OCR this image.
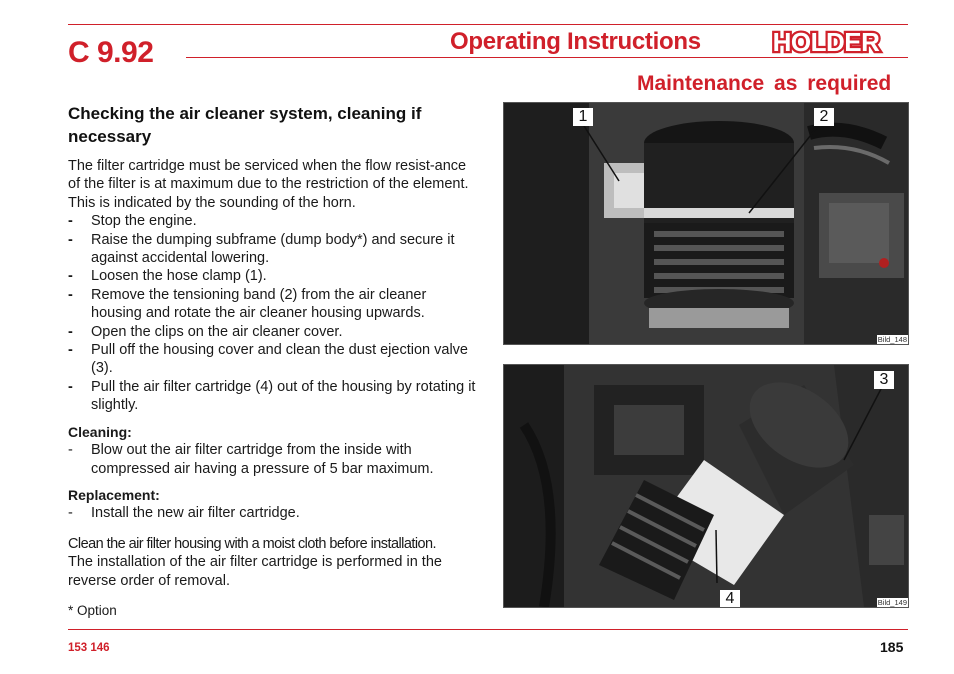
C 9.92	Operating Instructions	HOLDER
Maintenance as required
Checking the air cleaner system, cleaning if necessary

The filter cartridge must be serviced when the flow resist-ance of the filter is at maximum due to the restriction of the element. This is indicated by the sounding of the horn.

-	Stop the engine.
-	Raise the dumping subframe (dump body*) and secure it against accidental lowering.
-	Loosen the hose clamp (1).
-	Remove the tensioning band (2) from the air cleaner housing and rotate the air cleaner housing upwards.
-	Open the clips on the air cleaner cover.
-	Pull off the housing cover and clean the dust ejection valve (3).
-	Pull the air filter cartridge (4) out of the housing by rotating it slightly.
Cleaning:
-	Blow out the air filter cartridge from the inside with compressed air having a pressure of 5 bar maximum.
Replacement:
-	Install the new air filter cartridge.

Clean the air filter housing with a moist cloth before installation.

The installation of the air filter cartridge is performed in the reverse order of removal.

* Option
1	2
Bild_148
3
4	Bild_149
153 146	185
